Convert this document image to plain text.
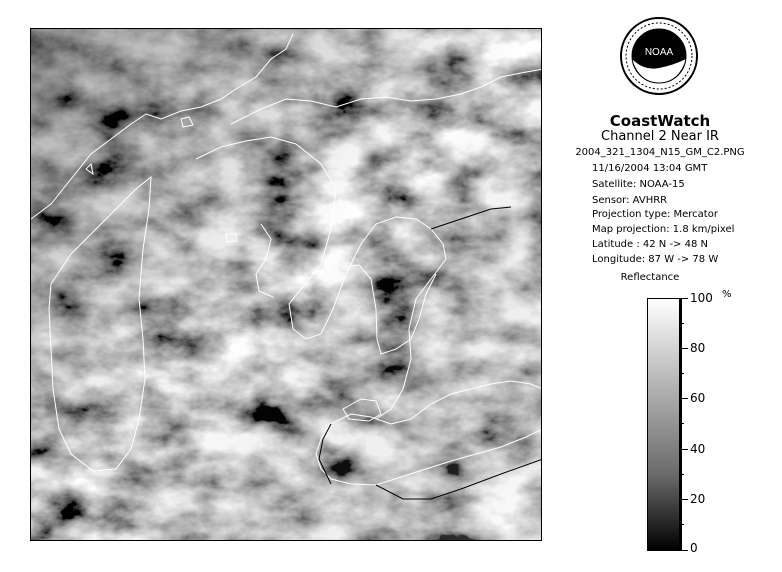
NOAA
CoastWatch
Channel 2 Near IR
2004_321_1304_N15_GM_C2.PNG
11/16/2004 13:04 GMT
Satellite: NOAA-15
Sensor: AVHRR
Projection type: Mercator
Map projection: 1.8 km/pixel
Latitude : 42 N -> 48 N
Longitude: 87 W -> 78 W
Reflectance
%
100
80
60
40
20
0
